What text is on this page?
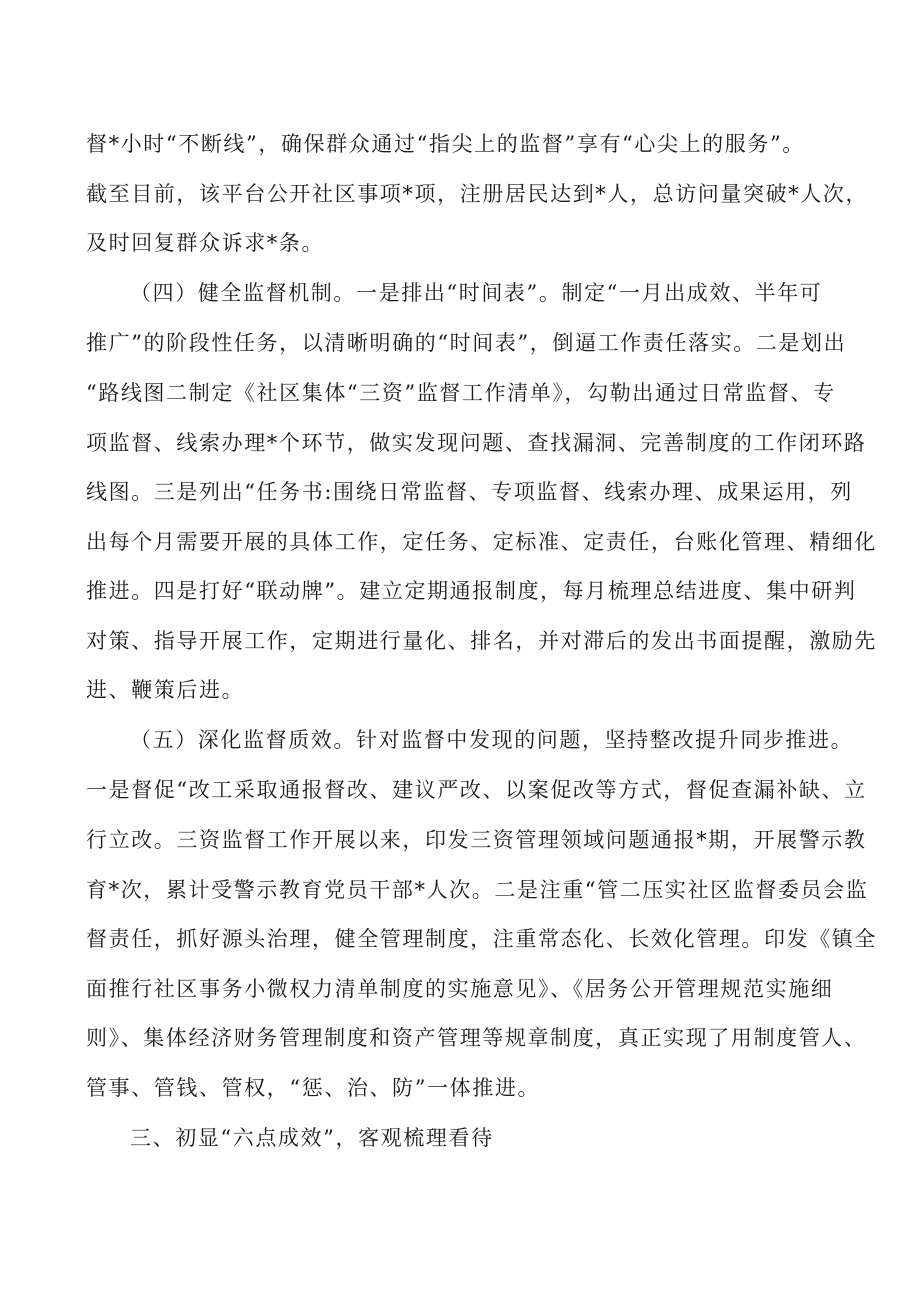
督*小时“不断线”，确保群众通过“指尖上的监督”享有“心尖上的服务”。
截至目前，该平台公开社区事项*项，注册居民达到*人，总访问量突破*人次，
及时回复群众诉求*条。
（四）健全监督机制。一是排出“时间表”。制定“一月出成效、半年可
推广”的阶段性任务，以清晰明确的“时间表”，倒逼工作责任落实。二是划出
“路线图二制定《社区集体“三资”监督工作清单》，勾勒出通过日常监督、专
项监督、线索办理*个环节，做实发现问题、查找漏洞、完善制度的工作闭环路
线图。三是列出“任务书:围绕日常监督、专项监督、线索办理、成果运用，列
出每个月需要开展的具体工作，定任务、定标准、定责任，台账化管理、精细化
推进。四是打好“联动牌”。建立定期通报制度，每月梳理总结进度、集中研判
对策、指导开展工作，定期进行量化、排名，并对滞后的发出书面提醒，激励先
进、鞭策后进。
（五）深化监督质效。针对监督中发现的问题，坚持整改提升同步推进。
一是督促“改工采取通报督改、建议严改、以案促改等方式，督促查漏补缺、立
行立改。三资监督工作开展以来，印发三资管理领域问题通报*期，开展警示教
育*次，累计受警示教育党员干部*人次。二是注重“管二压实社区监督委员会监
督责任，抓好源头治理，健全管理制度，注重常态化、长效化管理。印发《镇全
面推行社区事务小微权力清单制度的实施意见》、《居务公开管理规范实施细
则》、集体经济财务管理制度和资产管理等规章制度，真正实现了用制度管人、
管事、管钱、管权，“惩、治、防”一体推进。
三、初显“六点成效”，客观梳理看待
